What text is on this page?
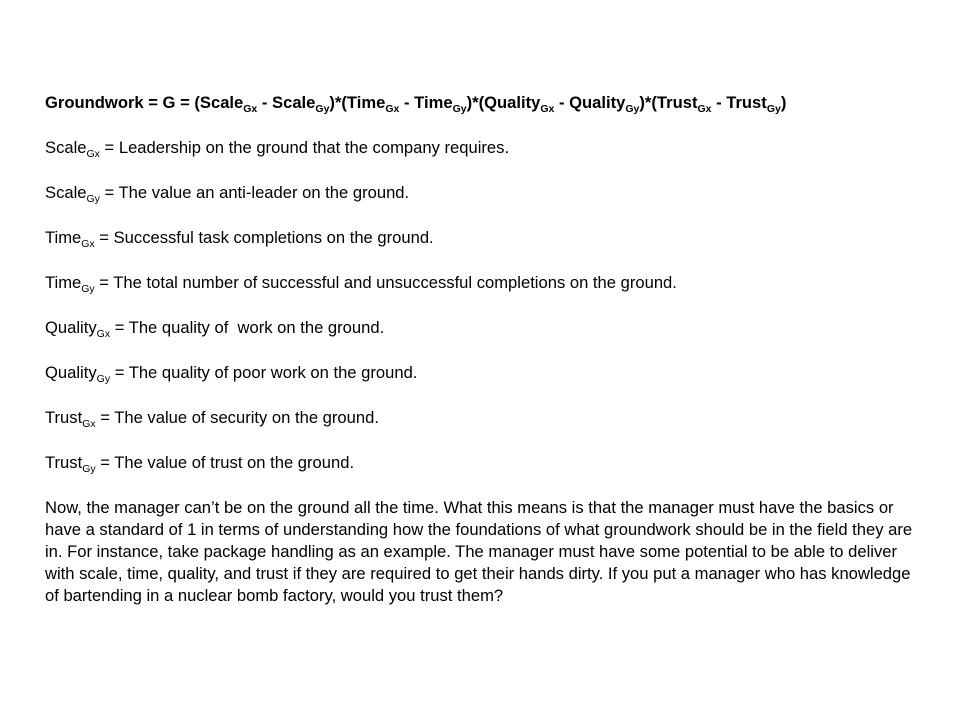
Groundwork = G = (Scale$_{Gx}$ - Scale$_{Gy}$)*(Time$_{Gx}$ - Time$_{Gy}$)*(Quality$_{Gx}$ - Quality$_{Gy}$)*(Trust$_{Gx}$ - Trust$_{Gy}$)
Scale$_{Gx}$ = Leadership on the ground that the company requires.
Scale$_{Gy}$ = The value an anti-leader on the ground.
Time$_{Gx}$ = Successful task completions on the ground.
Time$_{Gy}$ = The total number of successful and unsuccessful completions on the ground.
Quality$_{Gx}$ = The quality of  work on the ground.
Quality$_{Gy}$ = The quality of poor work on the ground.
Trust$_{Gx}$ = The value of security on the ground.
Trust$_{Gy}$ = The value of trust on the ground.

Now, the manager can’t be on the ground all the time. What this means is that the manager must have the basics or have a standard of 1 in terms of understanding how the foundations of what groundwork should be in the field they are in. For instance, take package handling as an example. The manager must have some potential to be able to deliver with scale, time, quality, and trust if they are required to get their hands dirty. If you put a manager who has knowledge of bartending in a nuclear bomb factory, would you trust them?
